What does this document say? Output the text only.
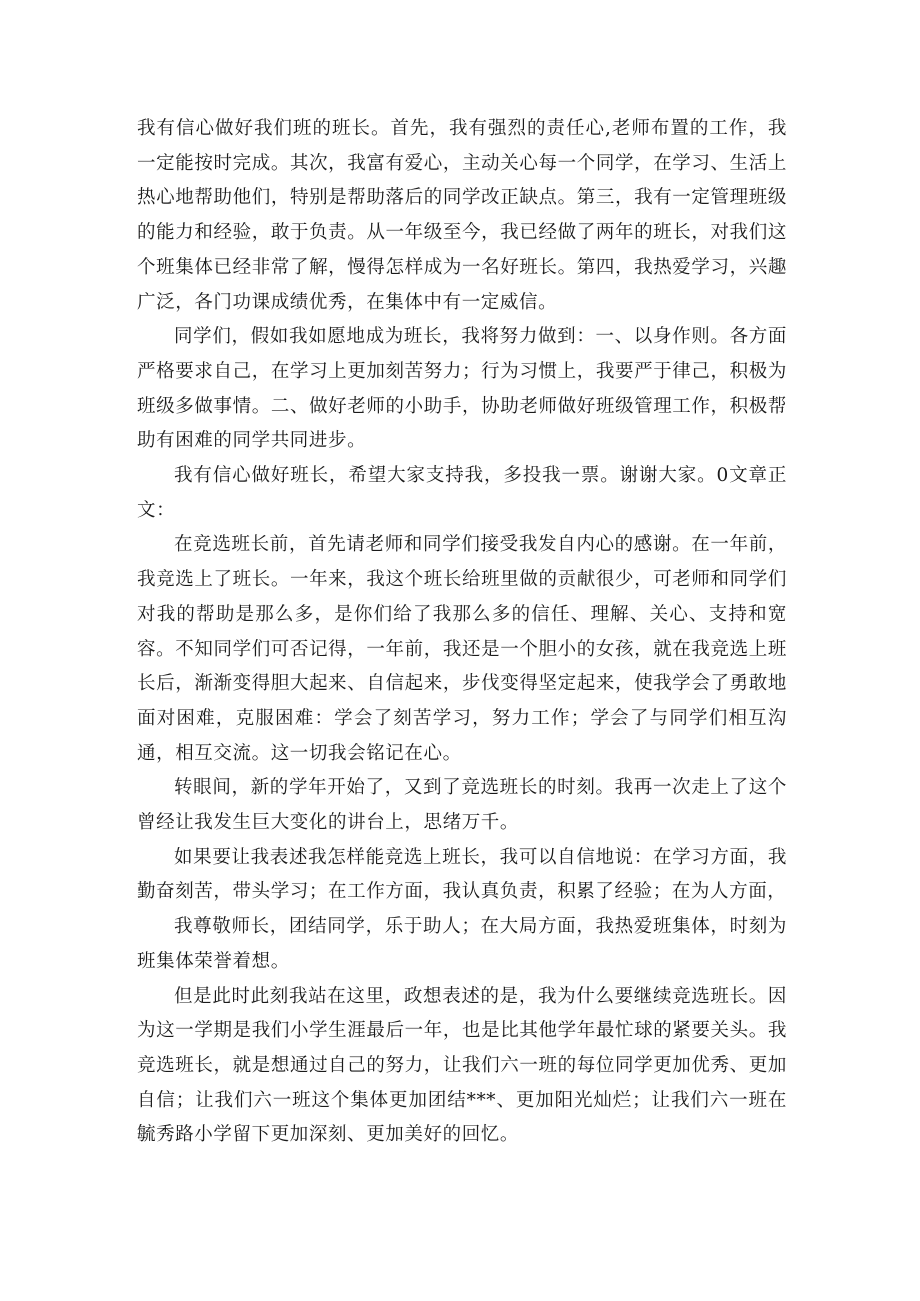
我有信心做好我们班的班长。首先，我有强烈的责任心,老师布置的工作，我一定能按时完成。其次，我富有爱心，主动关心每一个同学，在学习、生活上热心地帮助他们，特别是帮助落后的同学改正缺点。第三，我有一定管理班级的能力和经验，敢于负责。从一年级至今，我已经做了两年的班长，对我们这个班集体已经非常了解，慢得怎样成为一名好班长。第四，我热爱学习，兴趣广泛，各门功课成绩优秀，在集体中有一定威信。

同学们，假如我如愿地成为班长，我将努力做到：一、以身作则。各方面严格要求自己，在学习上更加刻苦努力；行为习惯上，我要严于律己，积极为班级多做事情。二、做好老师的小助手，协助老师做好班级管理工作，积极帮助有困难的同学共同进步。

我有信心做好班长，希望大家支持我，多投我一票。谢谢大家。0文章正文：

在竞选班长前，首先请老师和同学们接受我发自内心的感谢。在一年前，我竞选上了班长。一年来，我这个班长给班里做的贡献很少，可老师和同学们对我的帮助是那么多，是你们给了我那么多的信任、理解、关心、支持和宽容。不知同学们可否记得，一年前，我还是一个胆小的女孩，就在我竞选上班长后，渐渐变得胆大起来、自信起来，步伐变得坚定起来，使我学会了勇敢地面对困难，克服困难：学会了刻苦学习，努力工作；学会了与同学们相互沟通，相互交流。这一切我会铭记在心。

转眼间，新的学年开始了，又到了竞选班长的时刻。我再一次走上了这个曾经让我发生巨大变化的讲台上，思绪万千。

如果要让我表述我怎样能竞选上班长，我可以自信地说：在学习方面，我勤奋刻苦，带头学习；在工作方面，我认真负责，积累了经验；在为人方面，

我尊敬师长，团结同学，乐于助人；在大局方面，我热爱班集体，时刻为班集体荣誉着想。

但是此时此刻我站在这里，政想表述的是，我为什么要继续竞选班长。因为这一学期是我们小学生涯最后一年，也是比其他学年最忙球的紧要关头。我竞选班长，就是想通过自己的努力，让我们六一班的每位同学更加优秀、更加自信；让我们六一班这个集体更加团结***、更加阳光灿烂；让我们六一班在毓秀路小学留下更加深刻、更加美好的回忆。
